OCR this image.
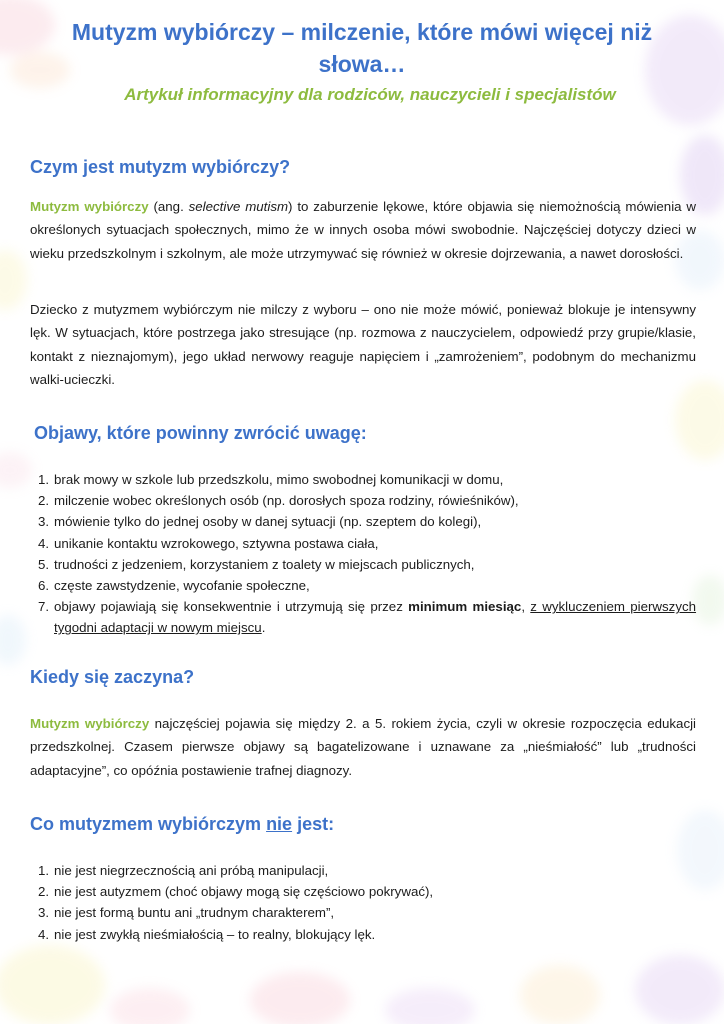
Mutyzm wybiórczy – milczenie, które mówi więcej niż słowa…
Artykuł informacyjny dla rodziców, nauczycieli i specjalistów
Czym jest mutyzm wybiórczy?

Mutyzm wybiórczy (ang. selective mutism) to zaburzenie lękowe, które objawia się niemożnością mówienia w określonych sytuacjach społecznych, mimo że w innych osoba mówi swobodnie. Najczęściej dotyczy dzieci w wieku przedszkolnym i szkolnym, ale może utrzymywać się również w okresie dojrzewania, a nawet dorosłości.

Dziecko z mutyzmem wybiórczym nie milczy z wyboru – ono nie może mówić, ponieważ blokuje je intensywny lęk. W sytuacjach, które postrzega jako stresujące (np. rozmowa z nauczycielem, odpowiedź przy grupie/klasie, kontakt z nieznajomym), jego układ nerwowy reaguje napięciem i „zamrożeniem”, podobnym do mechanizmu walki-ucieczki.

Objawy, które powinny zwrócić uwagę:
1. brak mowy w szkole lub przedszkolu, mimo swobodnej komunikacji w domu,
2. milczenie wobec określonych osób (np. dorosłych spoza rodziny, rówieśników),
3. mówienie tylko do jednej osoby w danej sytuacji (np. szeptem do kolegi),
4. unikanie kontaktu wzrokowego, sztywna postawa ciała,
5. trudności z jedzeniem, korzystaniem z toalety w miejscach publicznych,
6. częste zawstydzenie, wycofanie społeczne,
7. objawy pojawiają się konsekwentnie i utrzymują się przez minimum miesiąc, z wykluczeniem pierwszych tygodni adaptacji w nowym miejscu.
Kiedy się zaczyna?

Mutyzm wybiórczy najczęściej pojawia się między 2. a 5. rokiem życia, czyli w okresie rozpoczęcia edukacji przedszkolnej. Czasem pierwsze objawy są bagatelizowane i uznawane za „nieśmiałość” lub „trudności adaptacyjne”, co opóźnia postawienie trafnej diagnozy.

Co mutyzmem wybiórczym nie jest:
1. nie jest niegrzecznością ani próbą manipulacji,
2. nie jest autyzmem (choć objawy mogą się częściowo pokrywać),
3. nie jest formą buntu ani „trudnym charakterem”,
4. nie jest zwykłą nieśmiałością – to realny, blokujący lęk.
